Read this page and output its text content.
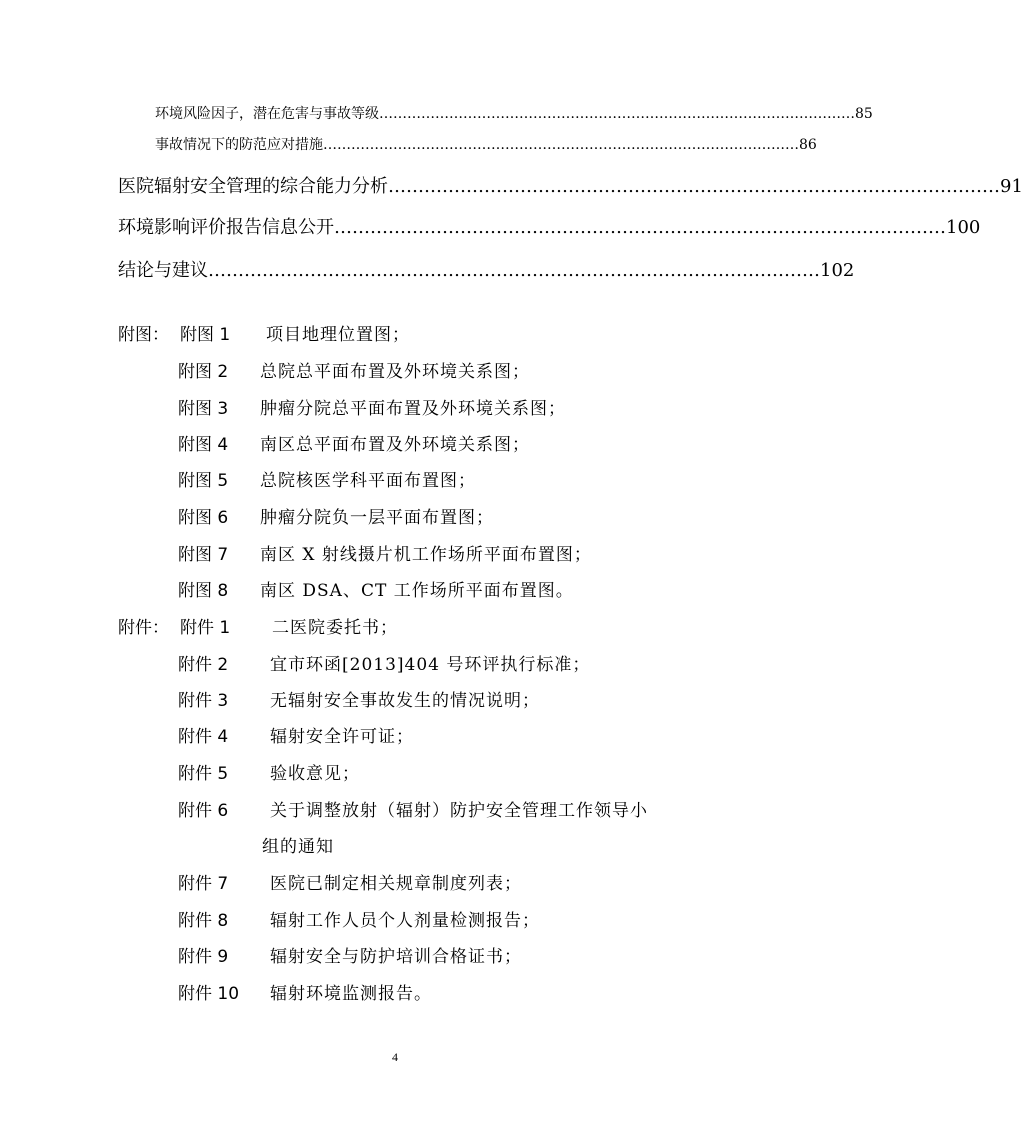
环境风险因子，潜在危害与事故等级 ………………………………………………………………………………………… 85
事故情况下的防范应对措施 ………………………………………………………………………………………… 86
医院辐射安全管理的综合能力分析 ………………………………………………………………………………………… 91
环境影响评价报告信息公开 ………………………………………………………………………………………… 100
结论与建议 ………………………………………………………………………………………… 102
附图： 附图 1 项目地理位置图；
附图 2 总院总平面布置及外环境关系图；
附图 3 肿瘤分院总平面布置及外环境关系图；
附图 4 南区总平面布置及外环境关系图；
附图 5 总院核医学科平面布置图；
附图 6 肿瘤分院负一层平面布置图；
附图 7 南区 X 射线摄片机工作场所平面布置图；
附图 8 南区 DSA、CT 工作场所平面布置图。
附件： 附件 1 二医院委托书；
附件 2 宜市环函[2013]404 号环评执行标准；
附件 3 无辐射安全事故发生的情况说明；
附件 4 辐射安全许可证；
附件 5 验收意见；
附件 6 关于调整放射（辐射）防护安全管理工作领导小
组的通知
附件 7 医院已制定相关规章制度列表；
附件 8 辐射工作人员个人剂量检测报告；
附件 9 辐射安全与防护培训合格证书；
附件 10 辐射环境监测报告。
4
